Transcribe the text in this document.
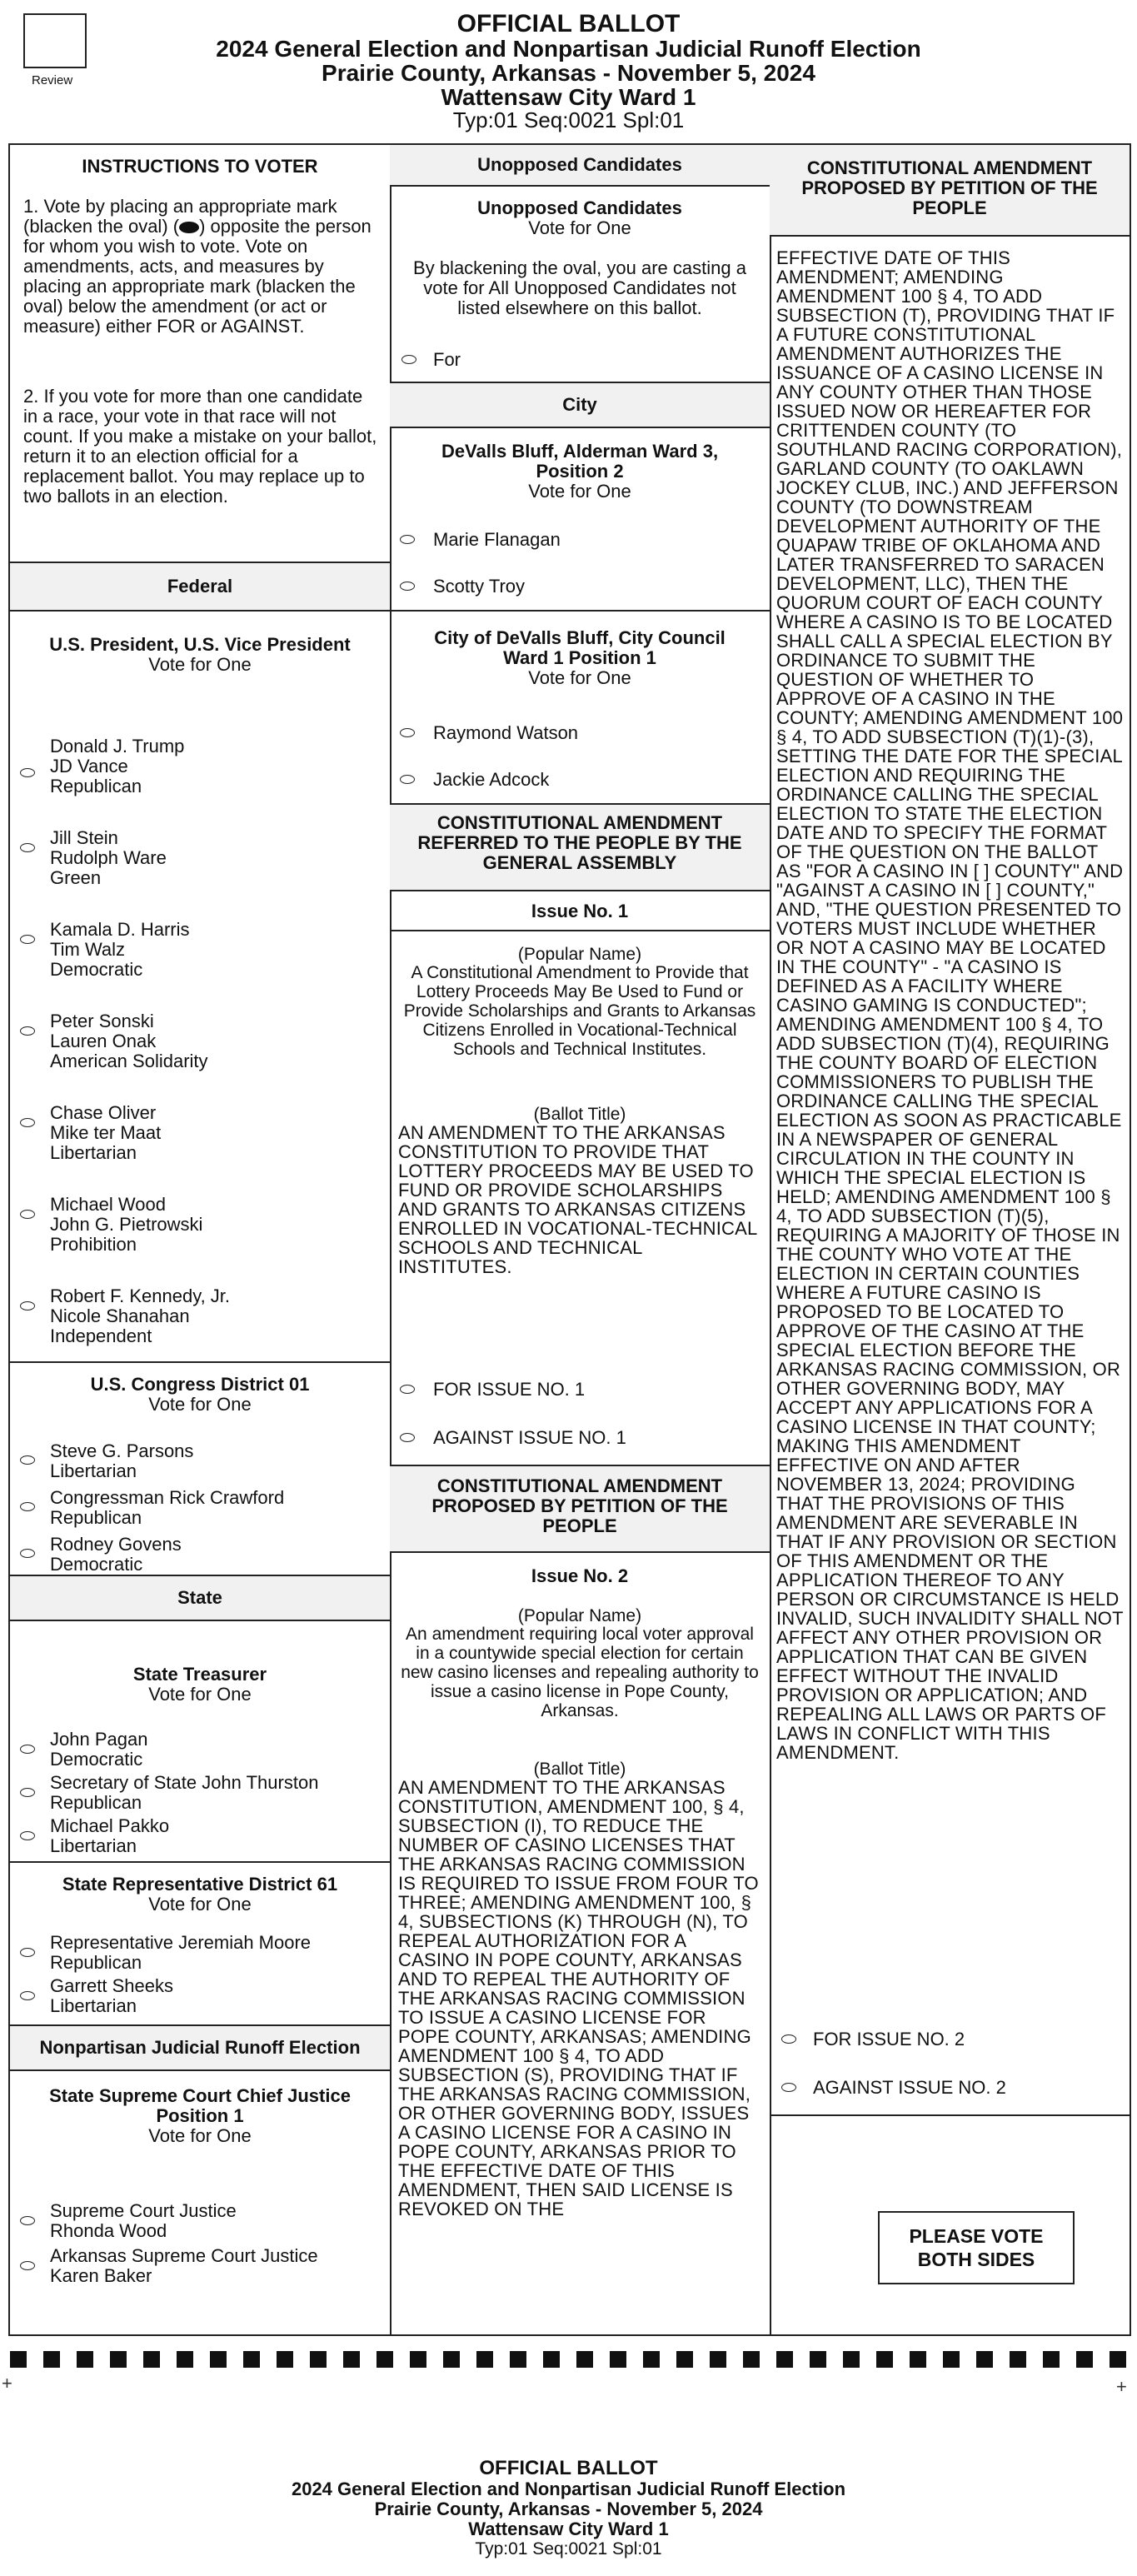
Review
OFFICIAL BALLOT
2024 General Election and Nonpartisan Judicial Runoff Election
Prairie County, Arkansas - November 5, 2024
Wattensaw City Ward 1
Typ:01 Seq:0021 Spl:01
INSTRUCTIONS TO VOTER
1. Vote by placing an appropriate mark (blacken the oval) ( ) opposite the person for whom you wish to vote. Vote on amendments, acts, and measures by placing an appropriate mark (blacken the oval) below the amendment (or act or measure) either FOR or AGAINST.
2. If you vote for more than one candidate in a race, your vote in that race will not count. If you make a mistake on your ballot, return it to an election official for a replacement ballot. You may replace up to two ballots in an election.
Federal
U.S. President, U.S. Vice President
Vote for One
Donald J. Trump
JD Vance
Republican
Jill Stein
Rudolph Ware
Green
Kamala D. Harris
Tim Walz
Democratic
Peter Sonski
Lauren Onak
American Solidarity
Chase Oliver
Mike ter Maat
Libertarian
Michael Wood
John G. Pietrowski
Prohibition
Robert F. Kennedy, Jr.
Nicole Shanahan
Independent
U.S. Congress District 01
Vote for One
Steve G. Parsons
Libertarian
Congressman Rick Crawford
Republican
Rodney Govens
Democratic
State
State Treasurer
Vote for One
John Pagan
Democratic
Secretary of State John Thurston
Republican
Michael Pakko
Libertarian
State Representative District 61
Vote for One
Representative Jeremiah Moore
Republican
Garrett Sheeks
Libertarian
Nonpartisan Judicial Runoff Election
State Supreme Court Chief Justice
Position 1
Vote for One
Supreme Court Justice
Rhonda Wood
Arkansas Supreme Court Justice
Karen Baker
Unopposed Candidates
Unopposed Candidates
Vote for One
By blackening the oval, you are casting a vote for All Unopposed Candidates not listed elsewhere on this ballot.
For
City
DeValls Bluff, Alderman Ward 3,
Position 2
Vote for One
Marie Flanagan
Scotty Troy
City of DeValls Bluff, City Council
Ward 1 Position 1
Vote for One
Raymond Watson
Jackie Adcock
CONSTITUTIONAL AMENDMENT REFERRED TO THE PEOPLE BY THE GENERAL ASSEMBLY
Issue No. 1
(Popular Name)
A Constitutional Amendment to Provide that Lottery Proceeds May Be Used to Fund or Provide Scholarships and Grants to Arkansas Citizens Enrolled in Vocational-Technical Schools and Technical Institutes.
(Ballot Title)
AN AMENDMENT TO THE ARKANSAS CONSTITUTION TO PROVIDE THAT LOTTERY PROCEEDS MAY BE USED TO FUND OR PROVIDE SCHOLARSHIPS AND GRANTS TO ARKANSAS CITIZENS ENROLLED IN VOCATIONAL-TECHNICAL SCHOOLS AND TECHNICAL INSTITUTES.
FOR ISSUE NO. 1
AGAINST ISSUE NO. 1
CONSTITUTIONAL AMENDMENT PROPOSED BY PETITION OF THE PEOPLE
Issue No. 2
(Popular Name)
An amendment requiring local voter approval in a countywide special election for certain new casino licenses and repealing authority to issue a casino license in Pope County, Arkansas.
(Ballot Title)
AN AMENDMENT TO THE ARKANSAS CONSTITUTION, AMENDMENT 100, § 4, SUBSECTION (I), TO REDUCE THE NUMBER OF CASINO LICENSES THAT THE ARKANSAS RACING COMMISSION IS REQUIRED TO ISSUE FROM FOUR TO THREE; AMENDING AMENDMENT 100, § 4, SUBSECTIONS (K) THROUGH (N), TO REPEAL AUTHORIZATION FOR A CASINO IN POPE COUNTY, ARKANSAS AND TO REPEAL THE AUTHORITY OF THE ARKANSAS RACING COMMISSION TO ISSUE A CASINO LICENSE FOR POPE COUNTY, ARKANSAS; AMENDING AMENDMENT 100 § 4, TO ADD SUBSECTION (S), PROVIDING THAT IF THE ARKANSAS RACING COMMISSION, OR OTHER GOVERNING BODY, ISSUES A CASINO LICENSE FOR A CASINO IN POPE COUNTY, ARKANSAS PRIOR TO THE EFFECTIVE DATE OF THIS AMENDMENT, THEN SAID LICENSE IS REVOKED ON THE
CONSTITUTIONAL AMENDMENT PROPOSED BY PETITION OF THE PEOPLE
EFFECTIVE DATE OF THIS AMENDMENT; AMENDING AMENDMENT 100 § 4, TO ADD SUBSECTION (T), PROVIDING THAT IF A FUTURE CONSTITUTIONAL AMENDMENT AUTHORIZES THE ISSUANCE OF A CASINO LICENSE IN ANY COUNTY OTHER THAN THOSE ISSUED NOW OR HEREAFTER FOR CRITTENDEN COUNTY (TO SOUTHLAND RACING CORPORATION), GARLAND COUNTY (TO OAKLAWN JOCKEY CLUB, INC.) AND JEFFERSON COUNTY (TO DOWNSTREAM DEVELOPMENT AUTHORITY OF THE QUAPAW TRIBE OF OKLAHOMA AND LATER TRANSFERRED TO SARACEN DEVELOPMENT, LLC), THEN THE QUORUM COURT OF EACH COUNTY WHERE A CASINO IS TO BE LOCATED SHALL CALL A SPECIAL ELECTION BY ORDINANCE TO SUBMIT THE QUESTION OF WHETHER TO APPROVE OF A CASINO IN THE COUNTY; AMENDING AMENDMENT 100 § 4, TO ADD SUBSECTION (T)(1)-(3), SETTING THE DATE FOR THE SPECIAL ELECTION AND REQUIRING THE ORDINANCE CALLING THE SPECIAL ELECTION TO STATE THE ELECTION DATE AND TO SPECIFY THE FORMAT OF THE QUESTION ON THE BALLOT AS "FOR A CASINO IN [ ] COUNTY" AND "AGAINST A CASINO IN [ ] COUNTY," AND, "THE QUESTION PRESENTED TO VOTERS MUST INCLUDE WHETHER OR NOT A CASINO MAY BE LOCATED IN THE COUNTY" - "A CASINO IS DEFINED AS A FACILITY WHERE CASINO GAMING IS CONDUCTED"; AMENDING AMENDMENT 100 § 4, TO ADD SUBSECTION (T)(4), REQUIRING THE COUNTY BOARD OF ELECTION COMMISSIONERS TO PUBLISH THE ORDINANCE CALLING THE SPECIAL ELECTION AS SOON AS PRACTICABLE IN A NEWSPAPER OF GENERAL CIRCULATION IN THE COUNTY IN WHICH THE SPECIAL ELECTION IS HELD; AMENDING AMENDMENT 100 § 4, TO ADD SUBSECTION (T)(5), REQUIRING A MAJORITY OF THOSE IN THE COUNTY WHO VOTE AT THE ELECTION IN CERTAIN COUNTIES WHERE A FUTURE CASINO IS PROPOSED TO BE LOCATED TO APPROVE OF THE CASINO AT THE SPECIAL ELECTION BEFORE THE ARKANSAS RACING COMMISSION, OR OTHER GOVERNING BODY, MAY ACCEPT ANY APPLICATIONS FOR A CASINO LICENSE IN THAT COUNTY; MAKING THIS AMENDMENT EFFECTIVE ON AND AFTER NOVEMBER 13, 2024; PROVIDING THAT THE PROVISIONS OF THIS AMENDMENT ARE SEVERABLE IN THAT IF ANY PROVISION OR SECTION OF THIS AMENDMENT OR THE APPLICATION THEREOF TO ANY PERSON OR CIRCUMSTANCE IS HELD INVALID, SUCH INVALIDITY SHALL NOT AFFECT ANY OTHER PROVISION OR APPLICATION THAT CAN BE GIVEN EFFECT WITHOUT THE INVALID PROVISION OR APPLICATION; AND REPEALING ALL LAWS OR PARTS OF LAWS IN CONFLICT WITH THIS AMENDMENT.
FOR ISSUE NO. 2
AGAINST ISSUE NO. 2
PLEASE VOTE
BOTH SIDES
+	+
OFFICIAL BALLOT
2024 General Election and Nonpartisan Judicial Runoff Election
Prairie County, Arkansas - November 5, 2024
Wattensaw City Ward 1
Typ:01 Seq:0021 Spl:01
